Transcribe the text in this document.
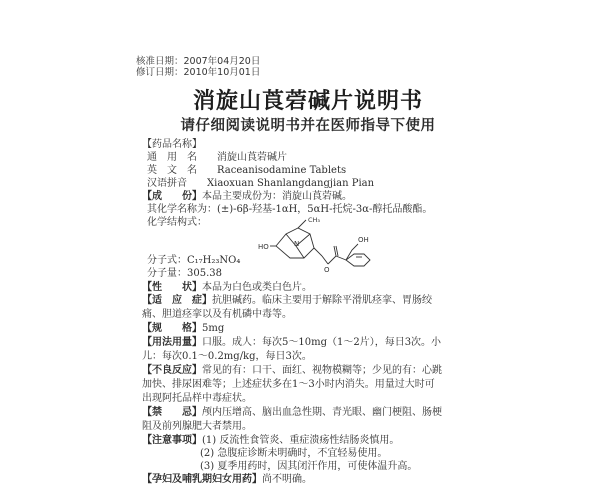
核准日期：2007年04月20日
修订日期：2010年10月01日
消旋山莨菪碱片说明书
请仔细阅读说明书并在医师指导下使用
【药品名称】
通　用　名　　消旋山莨菪碱片
英　文　名　　Raceanisodamine Tablets
汉语拼音　　Xiaoxuan Shanlangdangjian Pian
【成　　份】本品主要成份为：消旋山莨菪碱。
其化学名称为：(±)-6β-羟基-1αH，5αH-托烷-3α-醇托品酸酯。
化学结构式：	CH₃
N
HO
OH
O
分子式：C₁₇H₂₃NO₄
分子量：305.38
【性　　状】本品为白色或类白色片。
【适　应　症】抗胆碱药。临床主要用于解除平滑肌痉挛、胃肠绞痛、胆道痉挛以及有机磷中毒等。
【规　　格】5mg
【用法用量】口服。成人：每次5～10mg（1～2片），每日3次。小儿：每次0.1～0.2mg/kg，每日3次。
【不良反应】常见的有：口干、面红、视物模糊等；少见的有：心跳加快、排尿困难等；上述症状多在1～3小时内消失。用量过大时可出现阿托品样中毒症状。
【禁　　忌】颅内压增高、脑出血急性期、青光眼、幽门梗阻、肠梗阻及前列腺肥大者禁用。
【注意事项】(1) 反流性食管炎、重症溃疡性结肠炎慎用。
(2) 急腹症诊断未明确时，不宜轻易使用。
(3) 夏季用药时，因其闭汗作用，可使体温升高。
【孕妇及哺乳期妇女用药】尚不明确。
